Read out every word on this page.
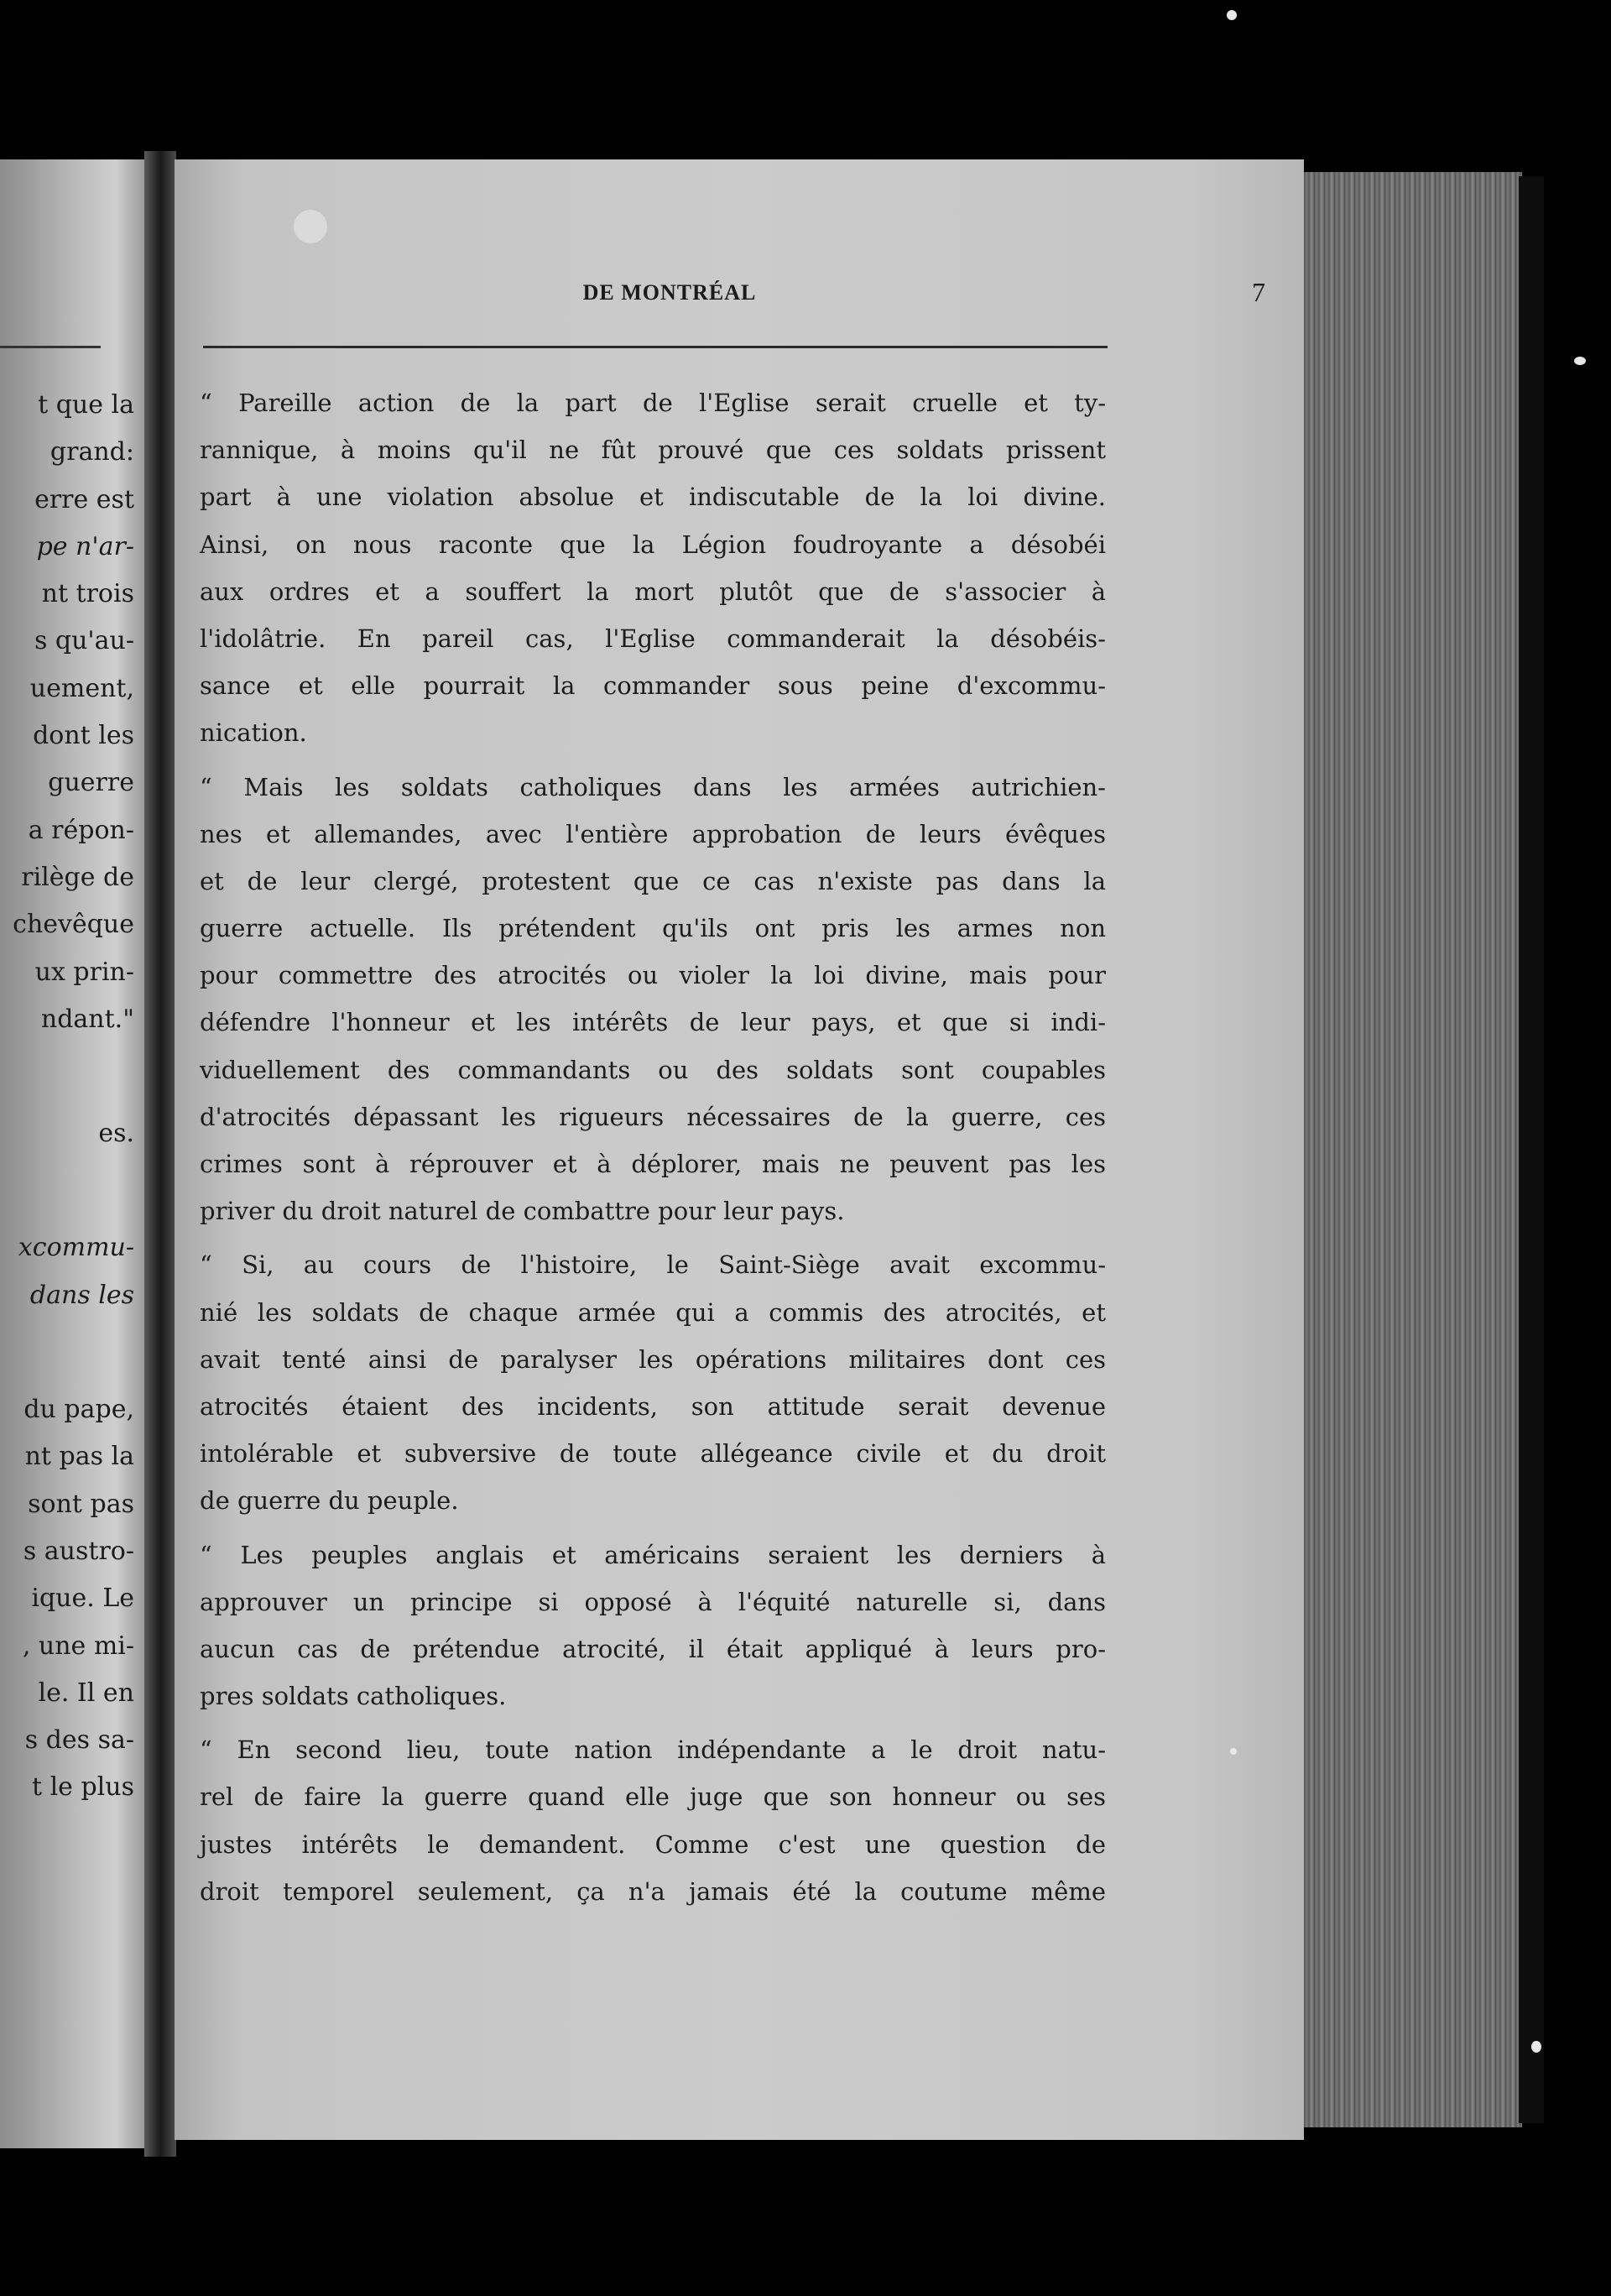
t que la
grand:
erre est
pe n'ar-
nt trois
s qu'au-
uement,
dont les
guerre
a répon-
rilège de
chevêque
ux prin-
ndant."
es.
xcommu-
dans les
du pape,
nt pas la
sont pas
s austro-
ique. Le
, une mi-
le. Il en
s des sa-
t le plus
DE MONTRÉAL	7
“ Pareille action de la part de l'Eglise serait cruelle et ty-
rannique, à moins qu'il ne fût prouvé que ces soldats prissent
part à une violation absolue et indiscutable de la loi divine.
Ainsi, on nous raconte que la Légion foudroyante a désobéi
aux ordres et a souffert la mort plutôt que de s'associer à
l'idolâtrie. En pareil cas, l'Eglise commanderait la désobéis-
sance et elle pourrait la commander sous peine d'excommu-
nication.
“ Mais les soldats catholiques dans les armées autrichien-
nes et allemandes, avec l'entière approbation de leurs évêques
et de leur clergé, protestent que ce cas n'existe pas dans la
guerre actuelle. Ils prétendent qu'ils ont pris les armes non
pour commettre des atrocités ou violer la loi divine, mais pour
défendre l'honneur et les intérêts de leur pays, et que si indi-
viduellement des commandants ou des soldats sont coupables
d'atrocités dépassant les rigueurs nécessaires de la guerre, ces
crimes sont à réprouver et à déplorer, mais ne peuvent pas les
priver du droit naturel de combattre pour leur pays.
“ Si, au cours de l'histoire, le Saint-Siège avait excommu-
nié les soldats de chaque armée qui a commis des atrocités, et
avait tenté ainsi de paralyser les opérations militaires dont ces
atrocités étaient des incidents, son attitude serait devenue
intolérable et subversive de toute allégeance civile et du droit
de guerre du peuple.
“ Les peuples anglais et américains seraient les derniers à
approuver un principe si opposé à l'équité naturelle si, dans
aucun cas de prétendue atrocité, il était appliqué à leurs pro-
pres soldats catholiques.
“ En second lieu, toute nation indépendante a le droit natu-
rel de faire la guerre quand elle juge que son honneur ou ses
justes intérêts le demandent. Comme c'est une question de
droit temporel seulement, ça n'a jamais été la coutume même
